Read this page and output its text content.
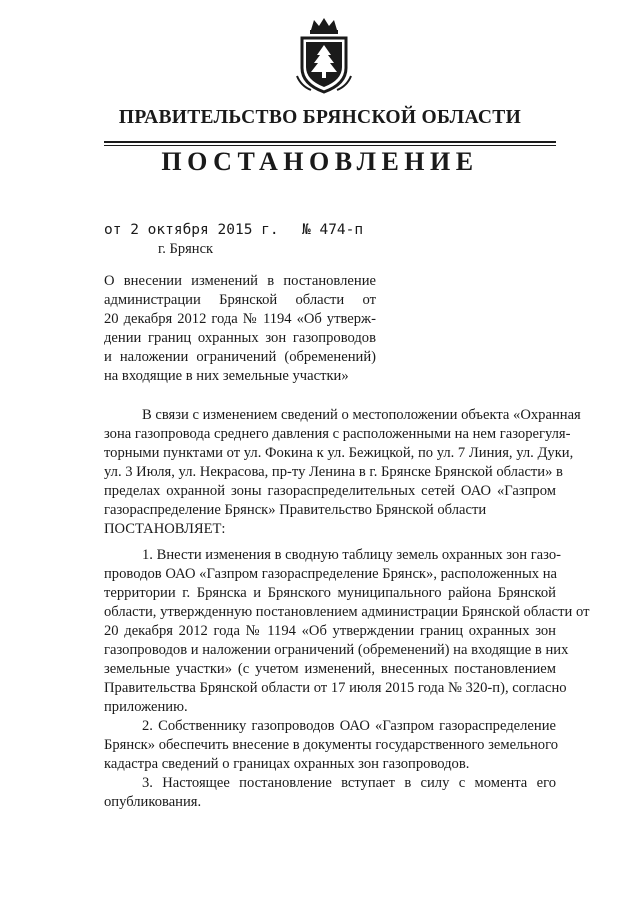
ПРАВИТЕЛЬСТВО БРЯНСКОЙ ОБЛАСТИ
ПОСТАНОВЛЕНИЕ
от 2 октября 2015 г. № 474-п
г. Брянск
О внесении изменений в постановление
администрации Брянской области от
20 декабря 2012 года № 1194 «Об утверж-
дении границ охранных зон газопроводов
и наложении ограничений (обременений)
на входящие в них земельные участки»
В связи с изменением сведений о местоположении объекта «Охранная
зона газопровода среднего давления с расположенными на нем газорегуля-
торными пунктами от ул. Фокина к ул. Бежицкой, по ул. 7 Линия, ул. Дуки,
ул. 3 Июля, ул. Некрасова, пр-ту Ленина в г. Брянске Брянской области» в
пределах охранной зоны газораспределительных сетей ОАО «Газпром
газораспределение Брянск» Правительство Брянской области
ПОСТАНОВЛЯЕТ:
1. Внести изменения в сводную таблицу земель охранных зон газо-
проводов ОАО «Газпром газораспределение Брянск», расположенных на
территории г. Брянска и Брянского муниципального района Брянской
области, утвержденную постановлением администрации Брянской области от
20 декабря 2012 года № 1194 «Об утверждении границ охранных зон
газопроводов и наложении ограничений (обременений) на входящие в них
земельные участки» (с учетом изменений, внесенных постановлением
Правительства Брянской области от 17 июля 2015 года № 320-п), согласно
приложению.
2. Собственнику газопроводов ОАО «Газпром газораспределение
Брянск» обеспечить внесение в документы государственного земельного
кадастра сведений о границах охранных зон газопроводов.
3. Настоящее постановление вступает в силу с момента его
опубликования.
